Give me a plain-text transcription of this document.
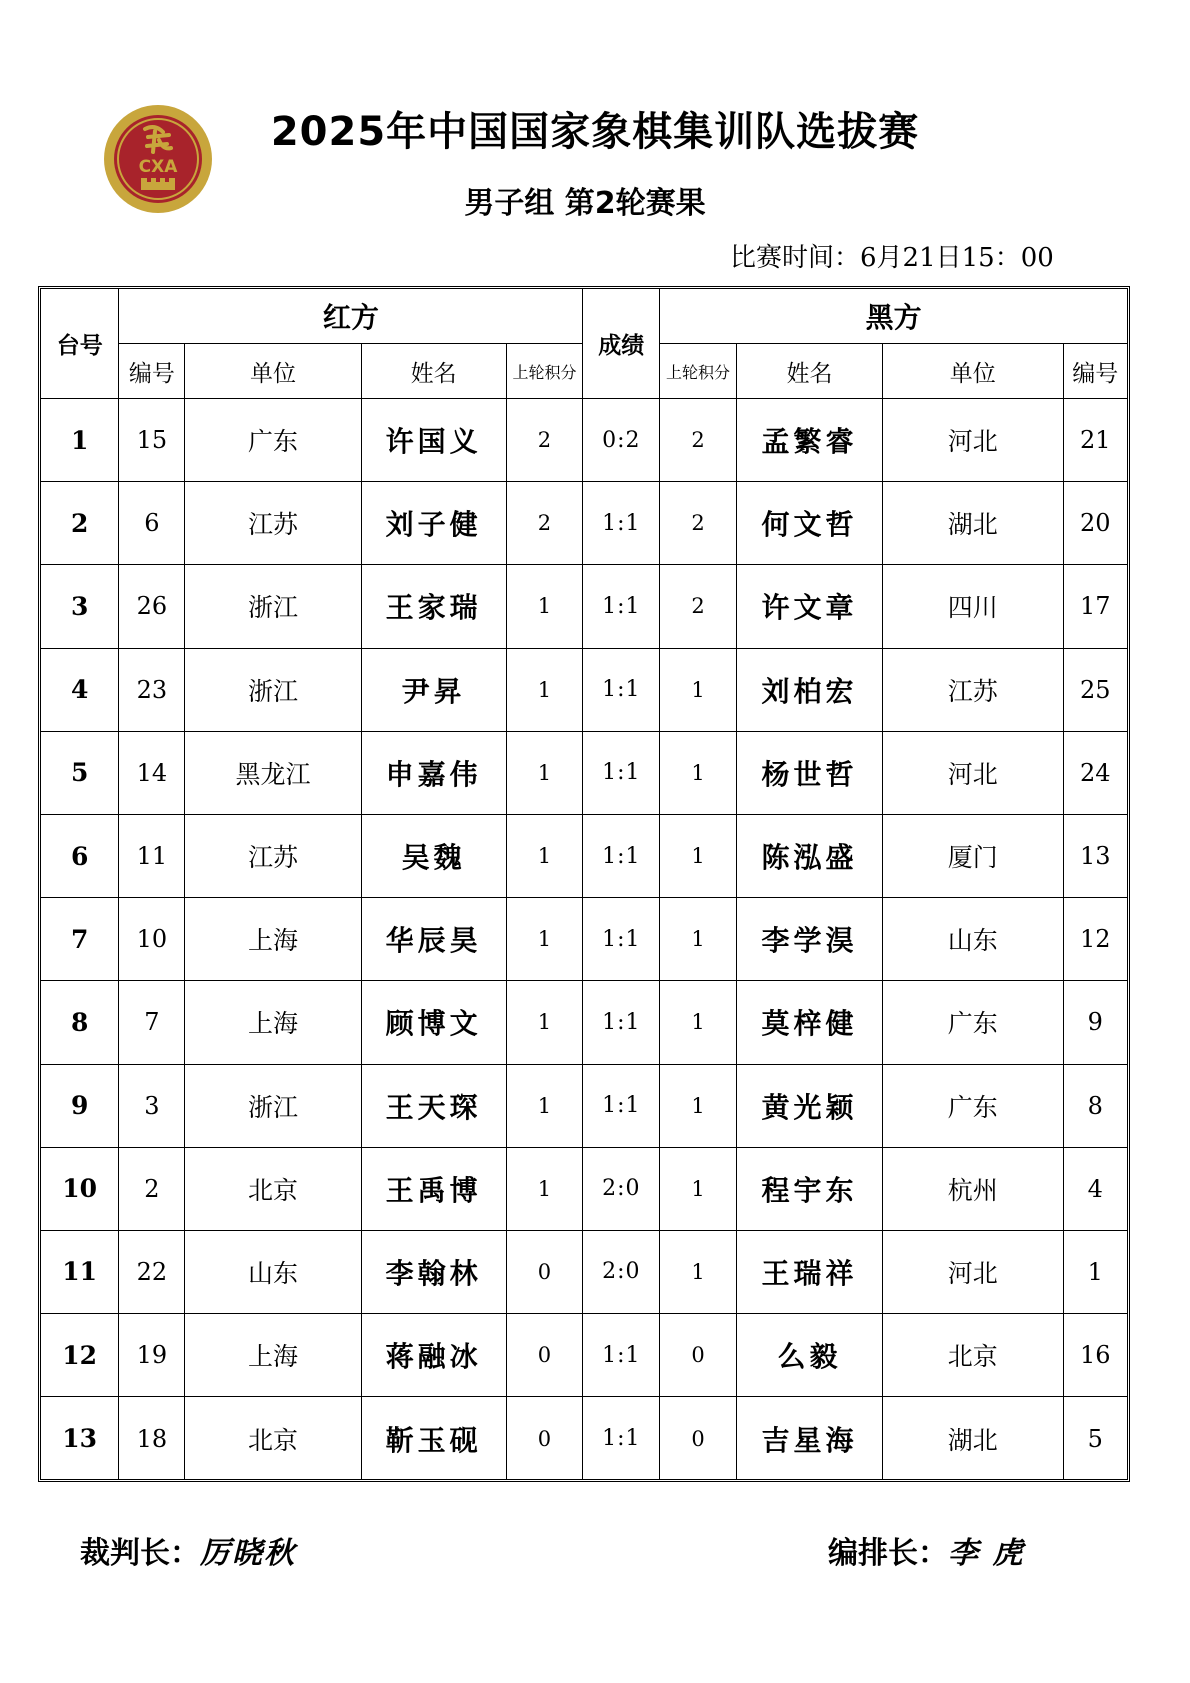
CXA
2025年中国国家象棋集训队选拔赛
男子组 第2轮赛果
比赛时间：6月21日15：00
台号	红方				成绩	黑方			
	编号	单位	姓名	上轮积分		上轮积分	姓名	单位	编号
1	15	广东	许国义	2	0:2	2	孟繁睿	河北	21
2	6	江苏	刘子健	2	1:1	2	何文哲	湖北	20
3	26	浙江	王家瑞	1	1:1	2	许文章	四川	17
4	23	浙江	尹昇	1	1:1	1	刘柏宏	江苏	25
5	14	黑龙江	申嘉伟	1	1:1	1	杨世哲	河北	24
6	11	江苏	吴魏	1	1:1	1	陈泓盛	厦门	13
7	10	上海	华辰昊	1	1:1	1	李学淏	山东	12
8	7	上海	顾博文	1	1:1	1	莫梓健	广东	9
9	3	浙江	王天琛	1	1:1	1	黄光颖	广东	8
10	2	北京	王禹博	1	2:0	1	程宇东	杭州	4
11	22	山东	李翰林	0	2:0	1	王瑞祥	河北	1
12	19	上海	蒋融冰	0	1:1	0	么毅	北京	16
13	18	北京	靳玉砚	0	1:1	0	吉星海	湖北	5
裁判长：厉晓秋	编排长：李 虎
